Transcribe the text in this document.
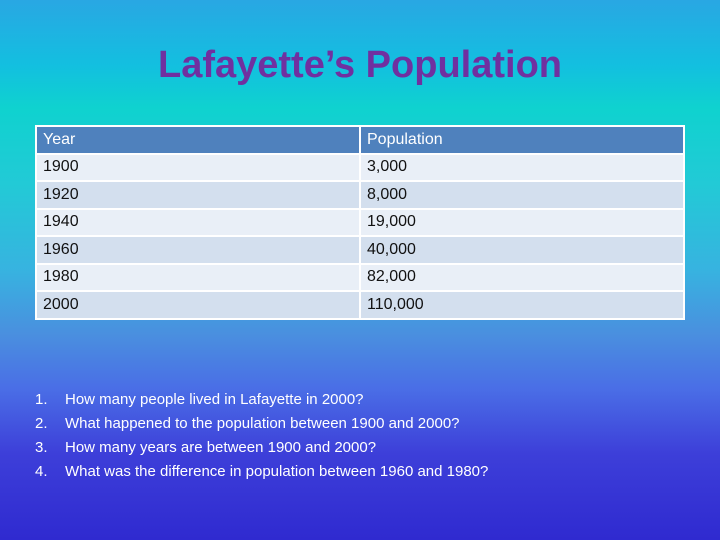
Lafayette’s Population
Year	Population
1900	3,000
1920	8,000
1940	19,000
1960	40,000
1980	82,000
2000	110,000
1.	How many people lived in Lafayette in 2000?
2.	What happened to the population between 1900 and 2000?
3.	How many years are between 1900 and 2000?
4.	What was the difference in population between 1960 and 1980?
